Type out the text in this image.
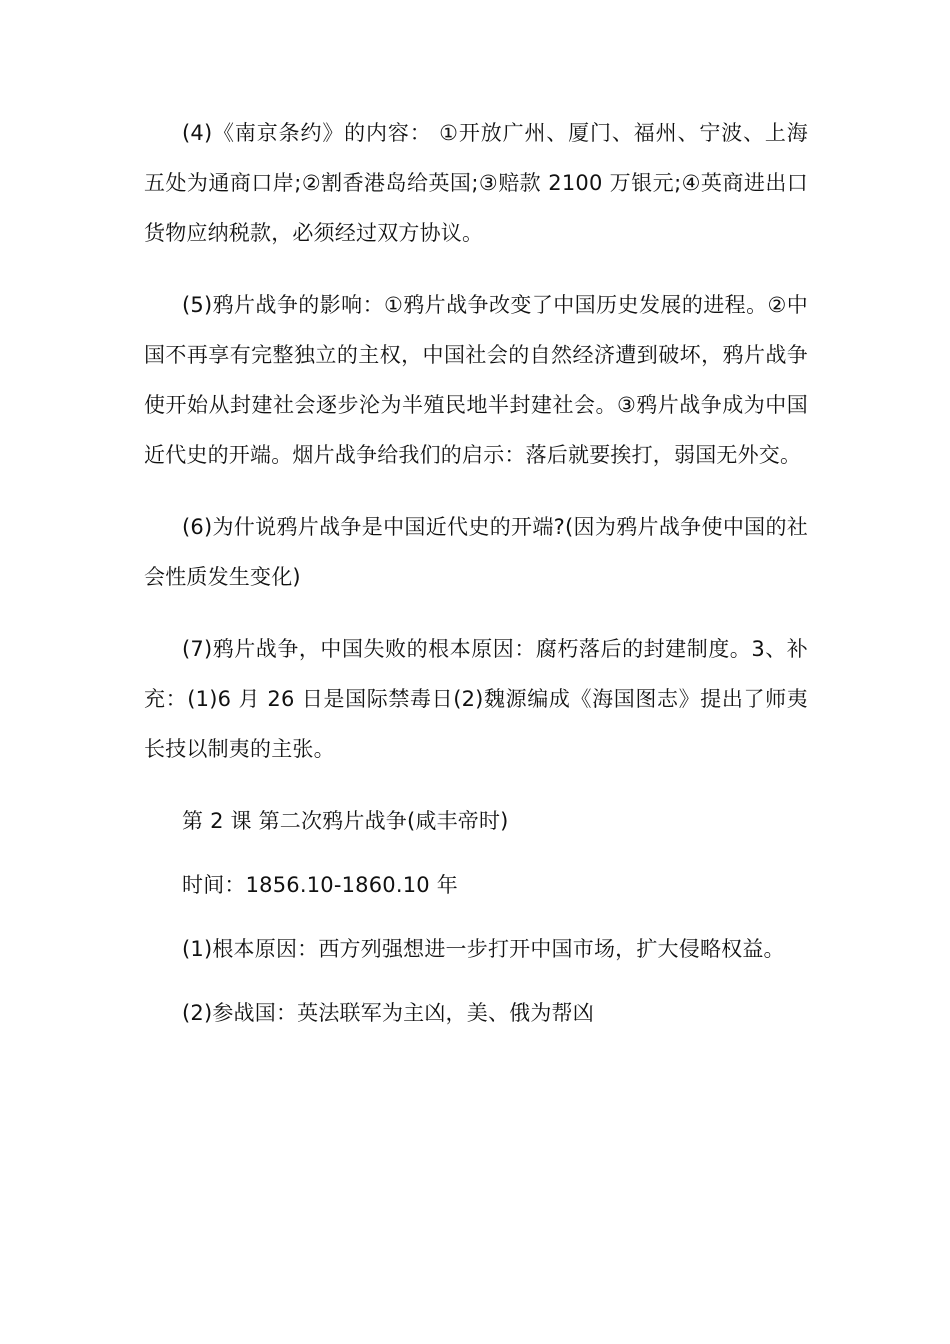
(4)《南京条约》的内容： ①开放广州、厦门、福州、宁波、上海五处为通商口岸;②割香港岛给英国;③赔款 2100 万银元;④英商进出口货物应纳税款，必须经过双方协议。

(5)鸦片战争的影响：①鸦片战争改变了中国历史发展的进程。②中国不再享有完整独立的主权，中国社会的自然经济遭到破坏，鸦片战争使开始从封建社会逐步沦为半殖民地半封建社会。③鸦片战争成为中国近代史的开端。烟片战争给我们的启示：落后就要挨打，弱国无外交。

(6)为什说鸦片战争是中国近代史的开端?(因为鸦片战争使中国的社会性质发生变化)

(7)鸦片战争，中国失败的根本原因：腐朽落后的封建制度。3、补充：(1)6 月 26 日是国际禁毒日(2)魏源编成《海国图志》提出了师夷长技以制夷的主张。

第 2 课 第二次鸦片战争(咸丰帝时)

时间：1856.10-1860.10 年

(1)根本原因：西方列强想进一步打开中国市场，扩大侵略权益。

(2)参战国：英法联军为主凶，美、俄为帮凶
